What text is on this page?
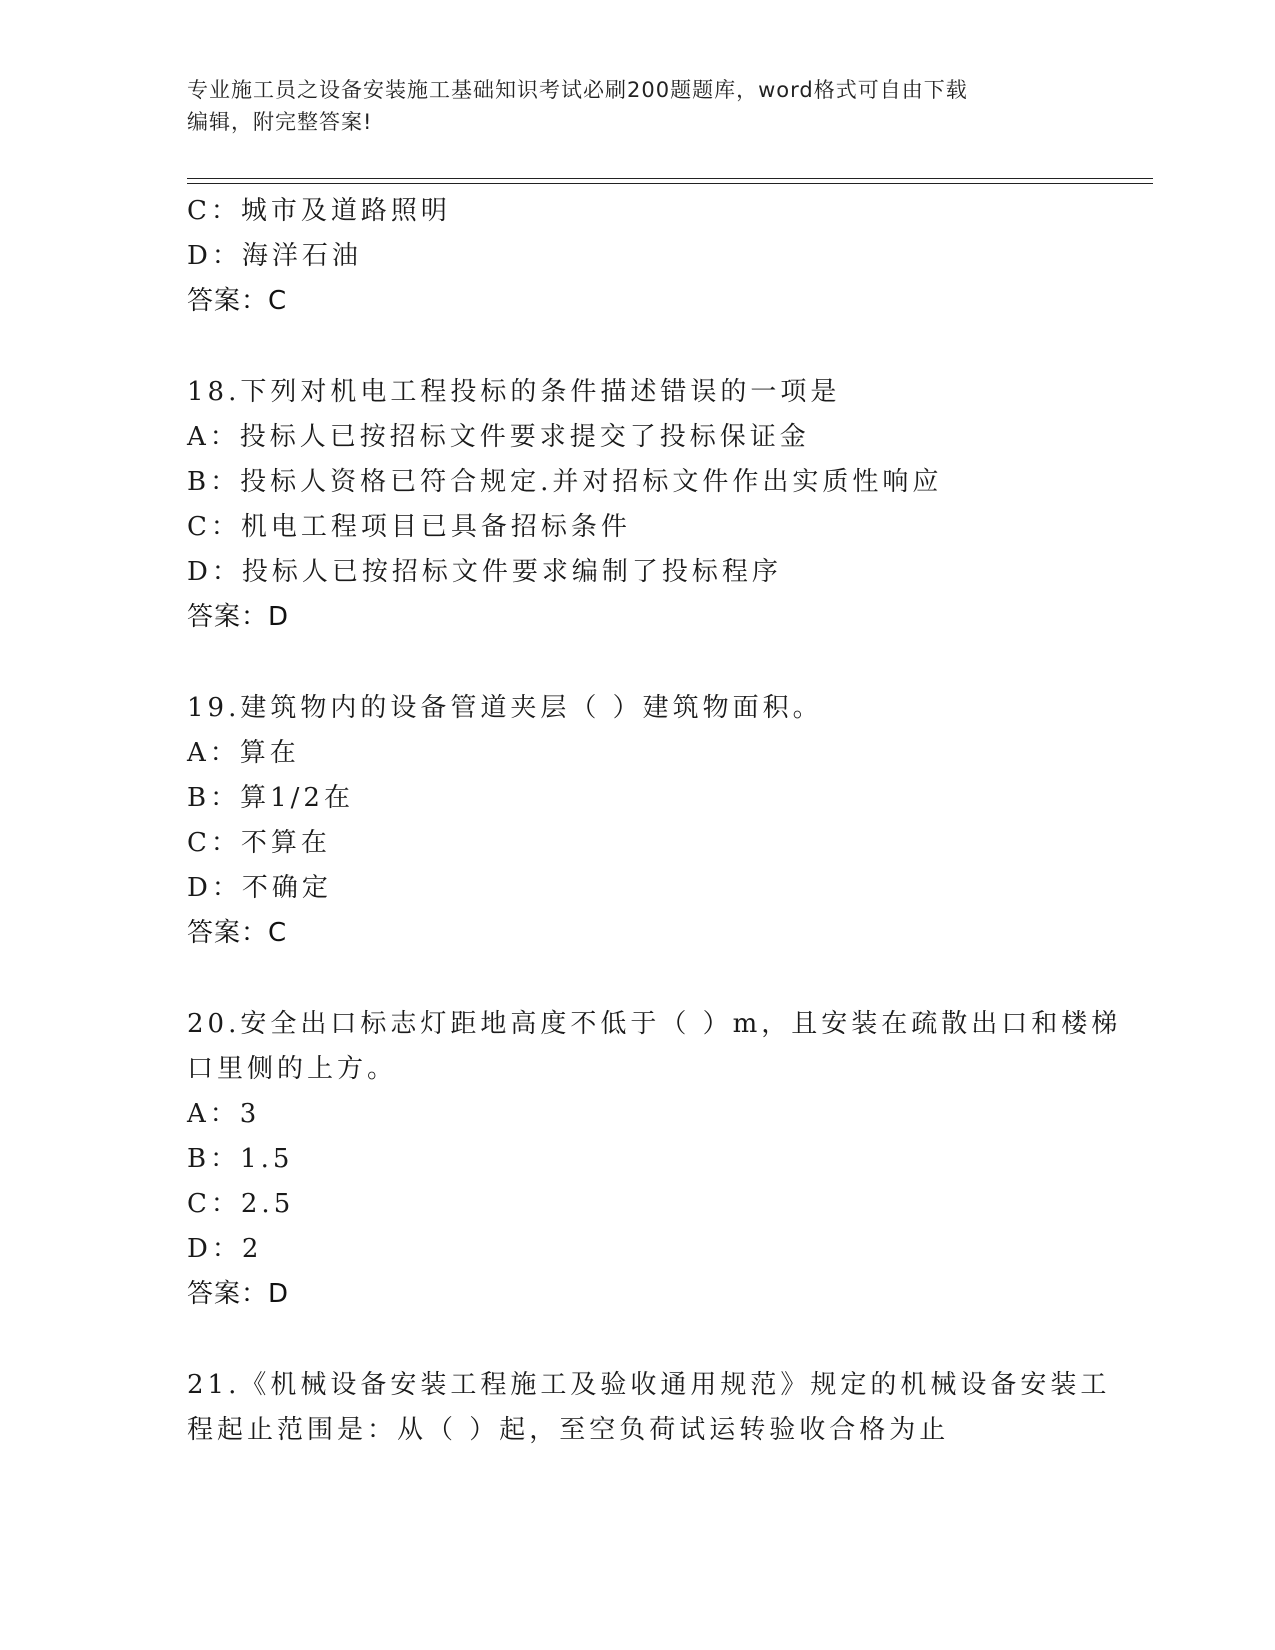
专业施工员之设备安装施工基础知识考试必刷200题题库，word格式可自由下载
编辑，附完整答案!
C：城市及道路照明
D：海洋石油
答案：C
18.下列对机电工程投标的条件描述错误的一项是
A：投标人已按招标文件要求提交了投标保证金
B：投标人资格已符合规定.并对招标文件作出实质性响应
C：机电工程项目已具备招标条件
D：投标人已按招标文件要求编制了投标程序
答案：D
19.建筑物内的设备管道夹层（ ）建筑物面积。
A：算在
B：算1/2在
C：不算在
D：不确定
答案：C
20.安全出口标志灯距地高度不低于（ ）m，且安装在疏散出口和楼梯
口里侧的上方。
A：3
B：1.5
C：2.5
D：2
答案：D
21.《机械设备安装工程施工及验收通用规范》规定的机械设备安装工
程起止范围是：从（ ）起，至空负荷试运转验收合格为止
